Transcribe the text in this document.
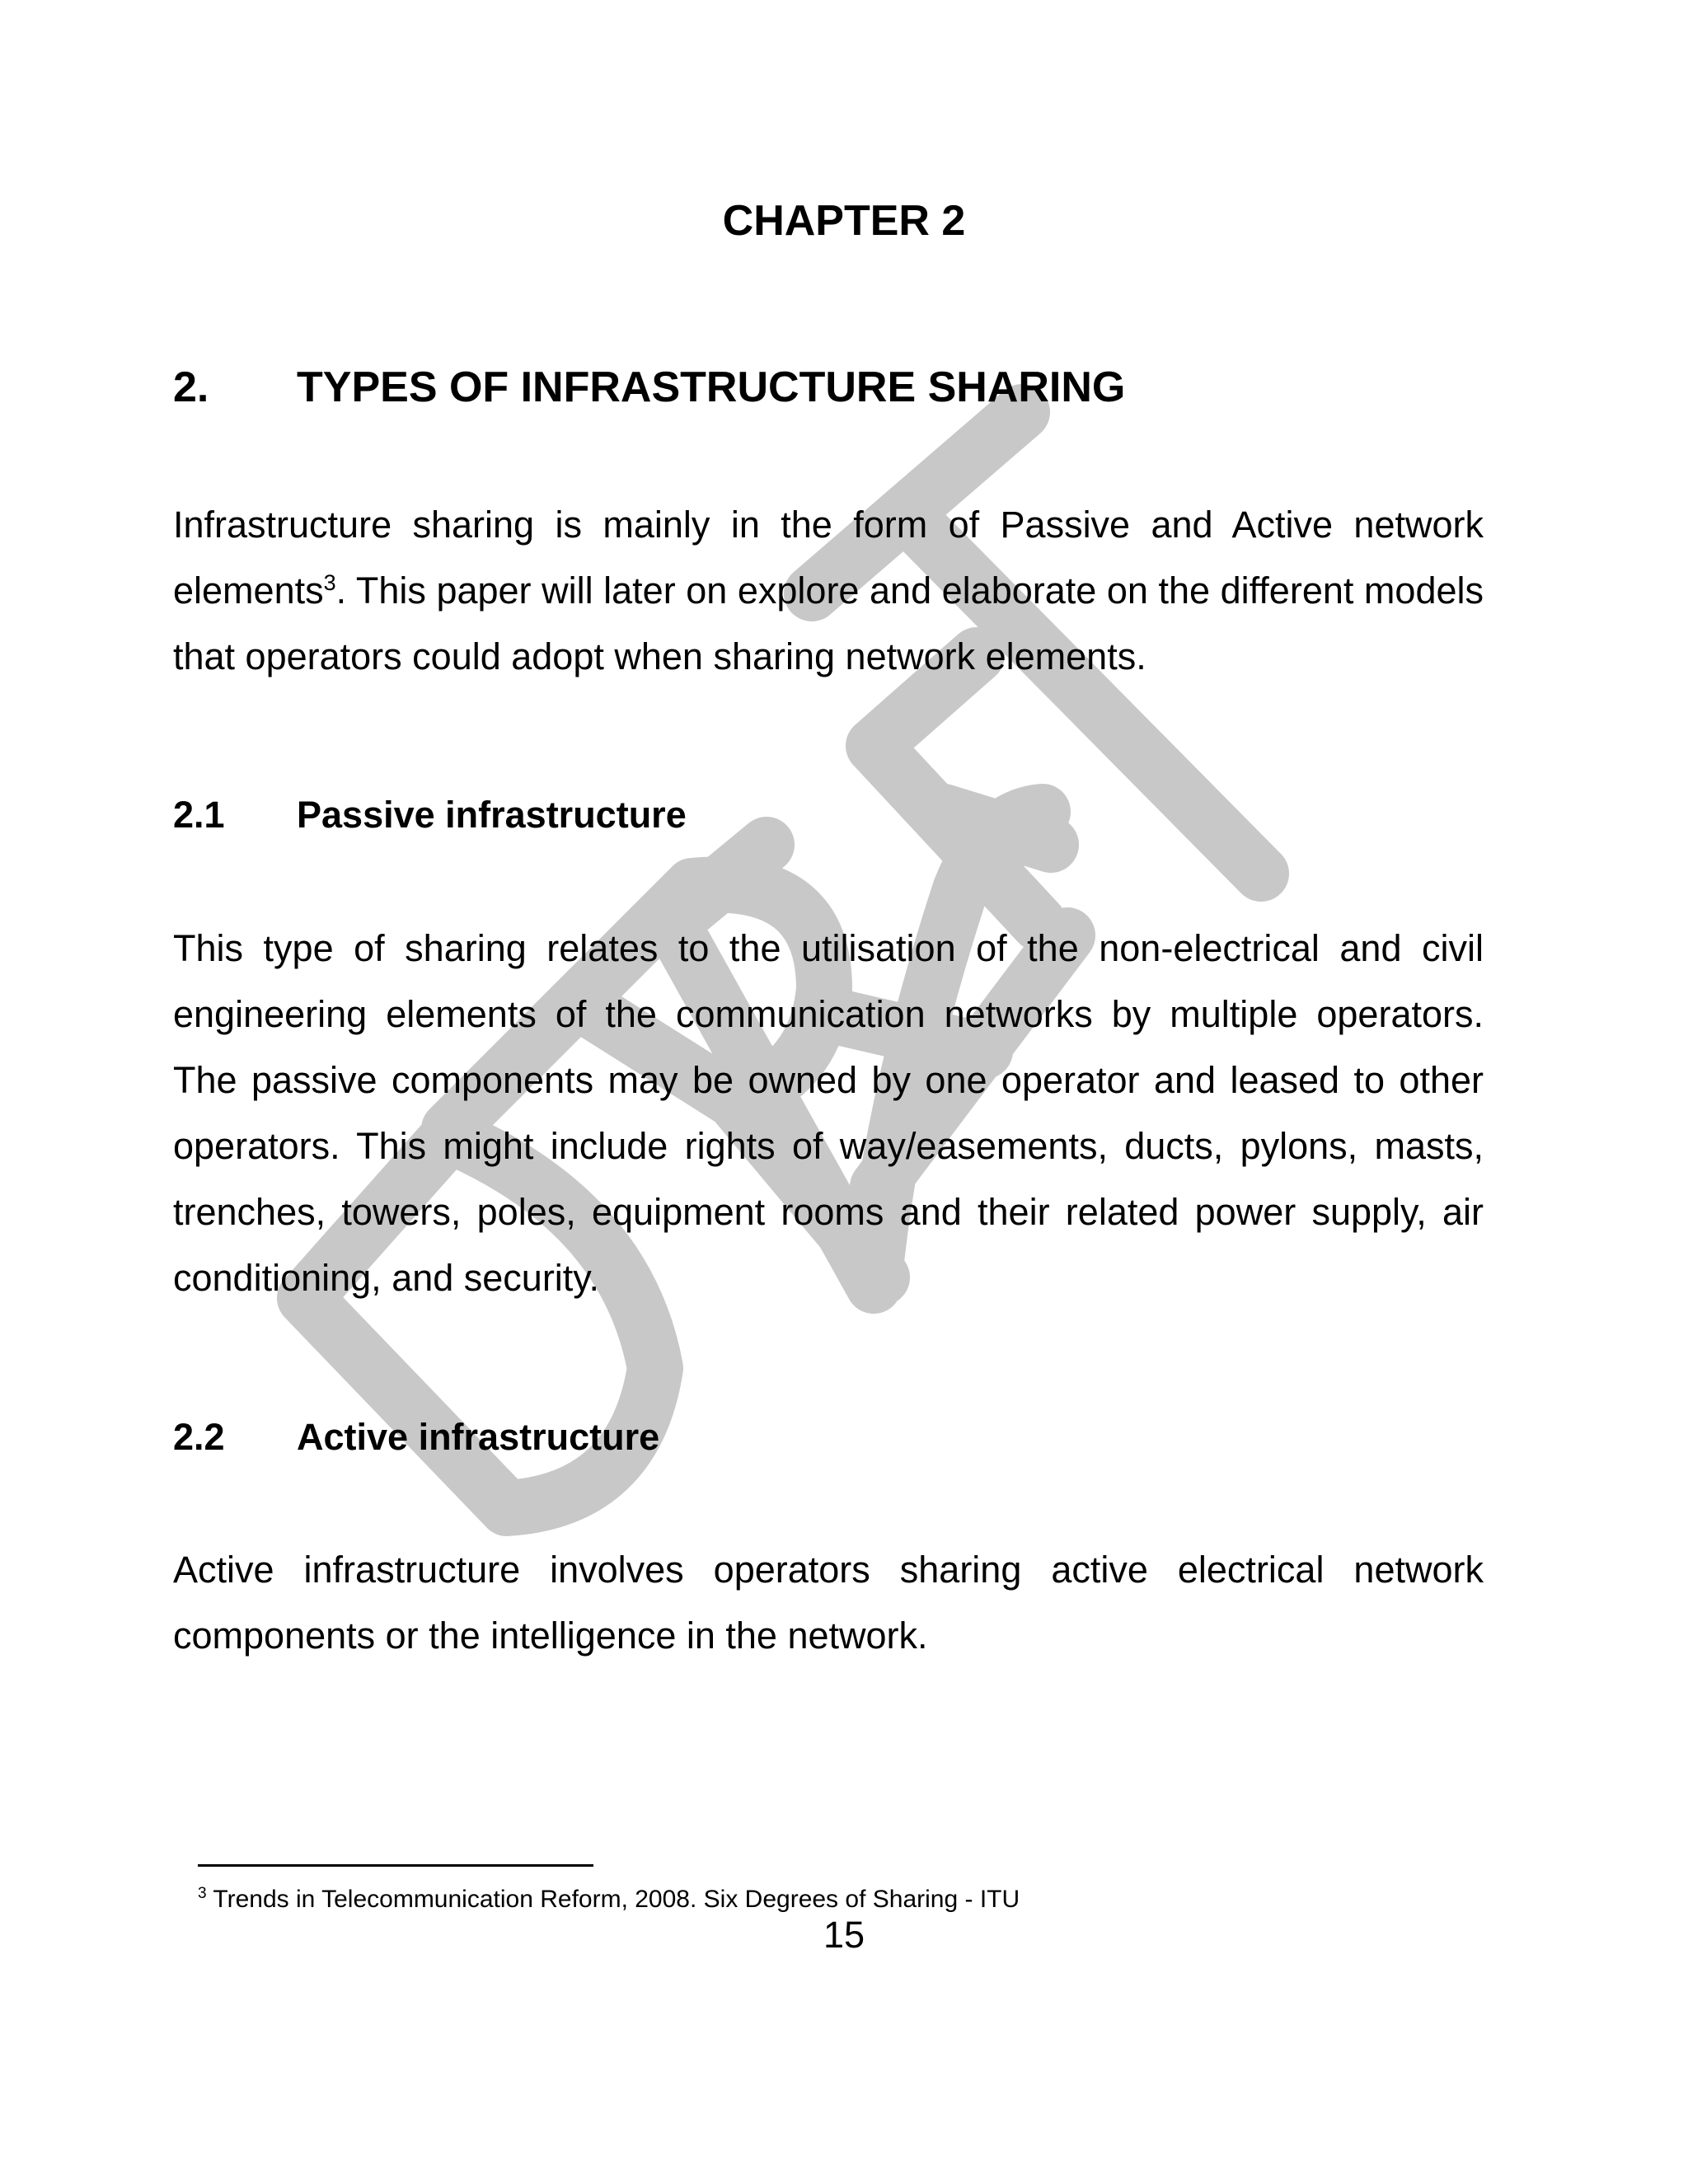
CHAPTER 2
2. TYPES OF INFRASTRUCTURE SHARING

Infrastructure sharing is mainly in the form of Passive and Active network elements$^3$. This paper will later on explore and elaborate on the different models that operators could adopt when sharing network elements.

2.1 Passive infrastructure

This type of sharing relates to the utilisation of the non-electrical and civil engineering elements of the communication networks by multiple operators. The passive components may be owned by one operator and leased to other operators. This might include rights of way/easements, ducts, pylons, masts, trenches, towers, poles, equipment rooms and their related power supply, air conditioning, and security.

2.2 Active infrastructure

Active infrastructure involves operators sharing active electrical network components or the intelligence in the network.

$^3$ Trends in Telecommunication Reform, 2008. Six Degrees of Sharing - ITU

15
